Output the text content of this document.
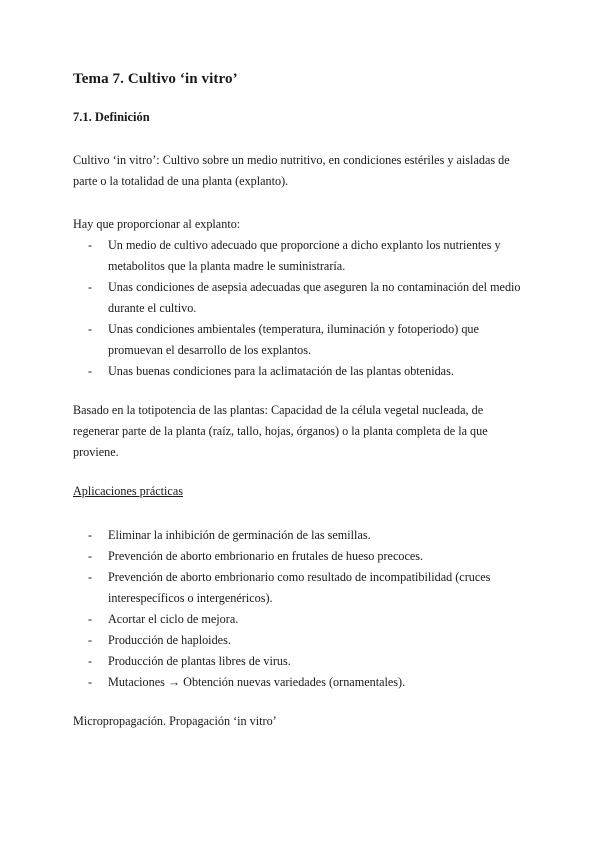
Tema 7. Cultivo ‘in vitro’
7.1. Definición
Cultivo ‘in vitro’: Cultivo sobre un medio nutritivo, en condiciones estériles y aisladas de parte o la totalidad de una planta (explanto).
Hay que proporcionar al explanto:
- Un medio de cultivo adecuado que proporcione a dicho explanto los nutrientes y metabolitos que la planta madre le suministraría.
- Unas condiciones de asepsia adecuadas que aseguren la no contaminación del medio durante el cultivo.
- Unas condiciones ambientales (temperatura, iluminación y fotoperiodo) que promuevan el desarrollo de los explantos.
- Unas buenas condiciones para la aclimatación de las plantas obtenidas.
Basado en la totipotencia de las plantas: Capacidad de la célula vegetal nucleada, de regenerar parte de la planta (raíz, tallo, hojas, órganos) o la planta completa de la que proviene.
Aplicaciones prácticas
- Eliminar la inhibición de germinación de las semillas.
- Prevención de aborto embrionario en frutales de hueso precoces.
- Prevención de aborto embrionario como resultado de incompatibilidad (cruces interespecíficos o intergenéricos).
- Acortar el ciclo de mejora.
- Producción de haploides.
- Producción de plantas libres de virus.
- Mutaciones → Obtención nuevas variedades (ornamentales).
Micropropagación. Propagación ‘in vitro’
